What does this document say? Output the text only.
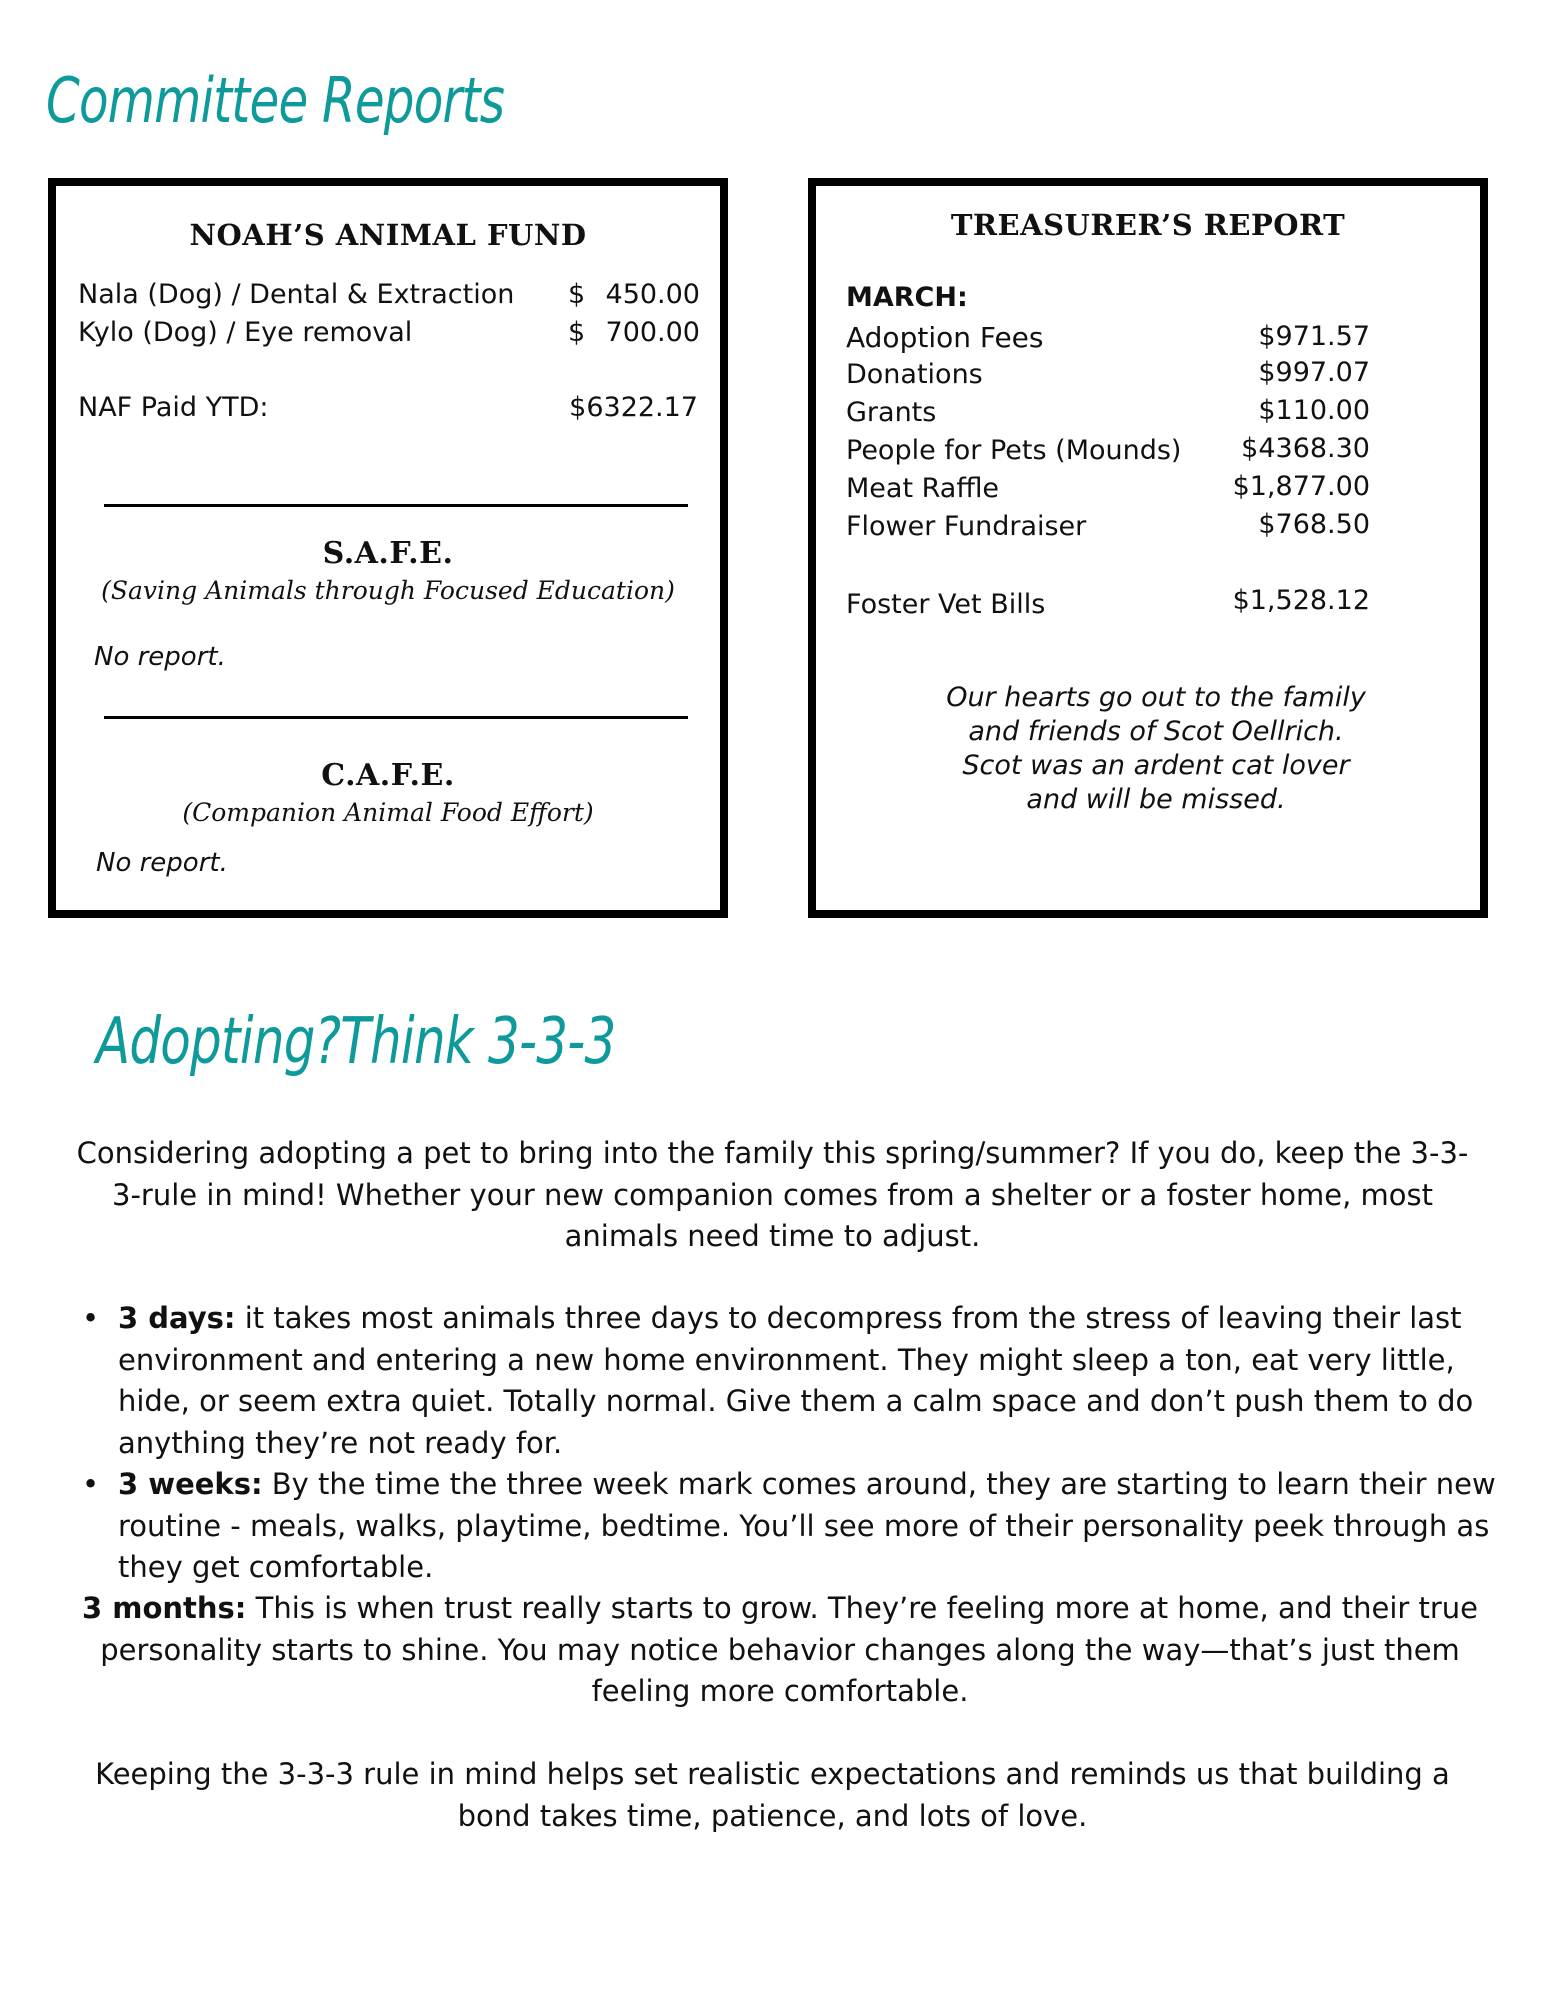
Committee Reports
NOAH’S ANIMAL FUND
Nala (Dog) / Dental & Extraction $ 450.00
Kylo (Dog) / Eye removal	$ 700.00
NAF Paid YTD:	$6322.17
S.A.F.E.
(Saving Animals through Focused Education)
No report.
C.A.F.E.
(Companion Animal Food Effort)
No report.
TREASURER’S REPORT
MARCH:
Adoption Fees	$971.57
Donations	$997.07
Grants	$110.00
People for Pets (Mounds) $4368.30
Meat Raffle	$1,877.00
Flower Fundraiser	$768.50
Foster Vet Bills	$1,528.12
Our hearts go out to the family
and friends of Scot Oellrich.
Scot was an ardent cat lover
and will be missed.
Adopting?Think 3-3-3
Considering adopting a pet to bring into the family this spring/summer? If you do, keep the 3-3-3-rule in mind! Whether your new companion comes from a shelter or a foster home, most animals need time to adjust.
• 3 days: it takes most animals three days to decompress from the stress of leaving their last environment and entering a new home environment. They might sleep a ton, eat very little, hide, or seem extra quiet. Totally normal. Give them a calm space and don’t push them to do anything they’re not ready for.
• 3 weeks: By the time the three week mark comes around, they are starting to learn their new routine - meals, walks, playtime, bedtime. You’ll see more of their personality peek through as they get comfortable.
3 months: This is when trust really starts to grow. They’re feeling more at home, and their true personality starts to shine. You may notice behavior changes along the way—that’s just them feeling more comfortable.
Keeping the 3-3-3 rule in mind helps set realistic expectations and reminds us that building a bond takes time, patience, and lots of love.
